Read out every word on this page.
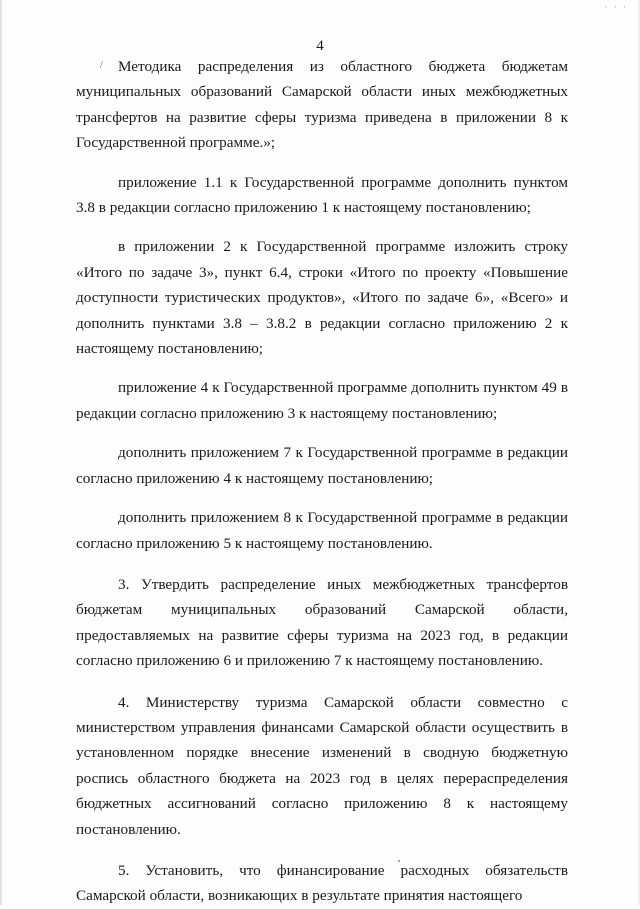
· · ·
/
4

Методика распределения из областного бюджета бюджетам муниципальных образований Самарской области иных межбюджетных трансфертов на развитие сферы туризма приведена в приложении 8 к Государственной программе.»;

приложение 1.1 к Государственной программе дополнить пунктом 3.8 в редакции согласно приложению 1 к настоящему постановлению;

в приложении 2 к Государственной программе изложить строку «Итого по задаче 3», пункт 6.4, строки «Итого по проекту «Повышение доступности туристических продуктов», «Итого по задаче 6», «Всего» и дополнить пунктами 3.8 – 3.8.2 в редакции согласно приложению 2 к настоящему постановлению;

приложение 4 к Государственной программе дополнить пунктом 49 в редакции согласно приложению 3 к настоящему постановлению;

дополнить приложением 7 к Государственной программе в редакции согласно приложению 4 к настоящему постановлению;

дополнить приложением 8 к Государственной программе в редакции согласно приложению 5 к настоящему постановлению.

3. Утвердить распределение иных межбюджетных трансфертов бюджетам муниципальных образований Самарской области, предоставляемых на развитие сферы туризма на 2023 год, в редакции согласно приложению 6 и приложению 7 к настоящему постановлению.

4. Министерству туризма Самарской области совместно с министерством управления финансами Самарской области осуществить в установленном порядке внесение изменений в сводную бюджетную роспись областного бюджета на 2023 год в целях перераспределения бюджетных ассигнований согласно приложению 8 к настоящему постановлению.

5. Установить, что финансирование расходных обязательств Самарской области, возникающих в результате принятия настоящего
